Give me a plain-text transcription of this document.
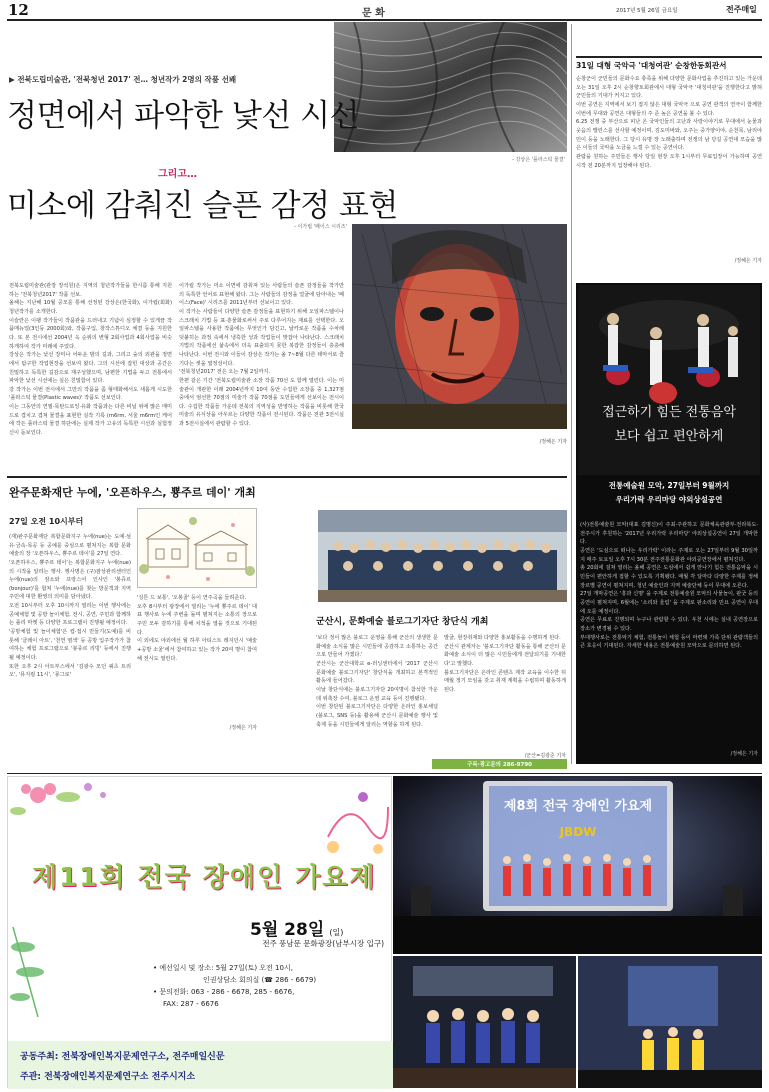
12	문 화	2017년 5월 26일 금요일	전주매일
▶ 전북도립미술관, '전북청년 2017' 전… 청년작가 2명의 작품 선봬
정면에서 파악한 낯선 시선
- 강상은 '플라스틱 물결'
그리고…
미소에 감춰진 슬픈 감정 표현
- 이가립 '페이스 시리즈'

전북도립미술관(관장 장석원)은 지역의 청년작가들을 한시름 통해 지원하는 '전북청년2017' 작품 선보.

올해는 지난해 10월 공모를 통해 선정된 강상은(한국화), 이가립(회화) 청년작가를 소개한다.

이슬란은 이팽 작가들이 작품관을 드러내고 기념이 심정할 수 있게끔 작품매뉴얼(3인등 2000회)와, 작품구입, 창작스튜디오 체결 등을 지원한다. 또 본 전시에선 2004년 옥 순위의 변형 2회사업과 4회사업을 비슷하게하여 작가 미래에 주었다.

강상은 작가는 낯선 장미나 어두운 밤의 길과, 그리고 숲의 외관을 정면에서 탐구한 작업현장을 선보여 왔다. 그의 시선에 잡힌 대상과 공간은 친밀하고 독특한 길감으로 재구성했으며, 남편한 기법을 두고 전통에서 파악한 낯선 시선에는 실은 친밀함이 있다.

강 작가는 이번 전시에서 그만의 작품을 좀 형태화해서도 새롭게 시도한 '플라스틱 물결(Plastic waves)' 작품도 선보인다.

이는 그동안의 연필·목탄드로잉·유화 작품과는 다른 비닐 위에 많은 매미드로 겹치고 겹쳐 물결을 표현한 실작 기록 (m6rm, 서울 m6rm인 케어에 작든 플라스틱 물결 하단에는 실제 작가 고유의 독특한 시선과 실험정신이 돋보인다.

이가립 작가는 미소 이면에 감춰져 있는 사람들의 슬픈 감정들을 작가만의 독특한 언어로 표현해 왔다. 그는 사람들의 감정을 얼굴에 담아내는 '페이스(Face)' 시리즈를 2011년부터 선보이고 있다.

이 작가는 사람들이 다양한 슬픈 감정들을 표현하기 위해 오일파스텔이나 스크래치 기법 등 표·흥물화로써서 주로 다루어지는 재료를 선택한다. 오일파스텔을 사용한 작품에는 무엇인가 담긴고, 날카로운 작품을 수차례 덧붙히는 과정 속에서 냉혹한 성과 작업들이 맞잡아 나타난다. 스크래치 기법의 작품에선 삶속에서 더욱 표출되지 못한 복잡한 감정들이 층층해 나타난다. 이번 전시와 이들이 감상은 작가는 올 7~8월 다른 테마서로 즐기다는 셋을 열정성이다.

'전북청년2017' 전은 오는 7월 2일까지.

한편 같은 기간 '전북도립미술관 소장 작품 70선 도 함께 열린다. 이는 미술관이 개관한 이래 2004년까지 10여 동안 수집한 소장품 중 1,327점 중에서 엄선한 70점의 미술가 작품 70점을 도민들에게 선보이는 전시이다. 수집한 작품들 가운데 전북의 지역성을 반영하는 작품을 비롯해 한국 미술의 유식상을 아우르는 다양한 작품이 전시된다. 작품은 전관 3전시실과 5전시실에서 관람할 수 있다.

/정혜은 기자
31일 대형 국악극 '대청여관' 순창한동회관서

순창군이 군민들의 문화수요 충족을 위해 다양한 문화사업을 추진하고 있는 가운데 오는 31일 오후 2시 순창향토회관에서 대형 국악극 '대청여관'을 진행한다고 밝혀 군민들의 기대가 커지고 있다.

이번 공연은 지역에서 보기 접지 않은 대형 국악극 으로 공연 관객의 연극이 함께한 이번에 무대와 공연은 대형들의 주 준 높은 공연을 볼 수 있다.

6.25 전쟁 중 부산으로 피난 온 국악인들의 고난과 사랑이야기로 무대에서 눈물과 웃음의 밸런스를 선사할 예정이며, 김도미바와, 오주는 중가양이야, 순천목, 남리야민이 등을 노래한다. 그 당시 유명 장 노래출하며 전쟁의 남 당길 공연대 모습을 많은 이들의 국악을 노금을 느낄 수 있는 공연이다.

관람을 원하는 주민들은 행사 당일 현장 오후 1시부터 무료입장이 가능하며 공연 시작 전 20분까지 입장해야 된다.

/정혜은 기자
접근하기 힘든 전통음악
보다 쉽고 편안하게
전통예술원 모악, 27일부터 9월까지
우리가락 우리마당 야외상설공연

(사)전통예술원 모악(대표 김명신)이 주최·주관하고 문화체육관광부·전라북도·전주시가 후원하는 '2017년 우리가락 우리마당' 야외상설공연이 27일 개막한다.

공연은 '도심으로 떠나는 우리가락' 이라는 주제로 오는 27일부터 9월 30일까지 매주 토요일 오후 7시 30분 전주전통문화관 야외공연장에서 펼쳐진다.

총 20회에 걸쳐 열리는 올해 공연은 도심에서 쉽게 만나기 힘든 전통음악을 시민들이 편안하게 접할 수 있도록 기획됐다. 매월 각 달마다 다양한 주제를 정해 장르별 공연이 펼쳐지며, 청년 예술인과 지역 예술단체 등이 무대에 오른다.

27일 개막공연은 '흥과 신명' 을 주제로 전통예술원 모악의 사물놀이, 판굿 등의 공연이 펼쳐지며, 6월에는 '소리와 울림' 을 주제로 판소리와 민요 공연이 무대에 오를 예정이다.

공연은 무료로 진행되며 누구나 관람할 수 있다. 우천 시에는 실내 공연장으로 장소가 변경될 수 있다.

부대행사로는 전통악기 체험, 전통놀이 체험 등이 마련돼 가족 단위 관람객들의 큰 호응이 기대된다. 자세한 내용은 전통예술원 모악으로 문의하면 된다.

/정혜은 기자
완주문화재단 누에, '오픈하우스, 뿅주르 데이' 개최
27일 오전 10시부터

(재)완주문화재단 복합문화지구 누에(nue)는 도예·섬유·금속·목공 등 공예를 중심으로 펼쳐지는 복합 문화예술의 장 '오픈하우스, 뿅주르 데이'를 27일 연다.

'오픈하우스, 뿅주르 데이'는 복합문화지구 누에(nue)의 시작을 알리는 행사. 행사명은 (구)잠상관리센터인 누에(nue)의 잠소와 프랑스어 인사인 '봉쥬르(bonjour)'를 합쳐 '누에(nue)를 찾는 방문객과 지역주민에 대한 환영의 의미를 담아냈다.

오전 10시부터 오후 10시까지 열리는 이번 행사에는 공예체험 및 공방 놀이체험, 전시, 공연, 주민과 함께하는 플리 마켓 등 다양한 프로그램이 진행될 예정이다.

'공방체험 및 놀이체험'은 컵·접시 만들기(도예)를 비롯해 '클레이 아트', '천연 염색' 등 공방 입주작가가 참여하는 체험 프로그램으로 '봉쥬르 리빙' 등에서 진행될 예정이다.

또한 오후 2시 아트부스에서 '김광수 모던 쿼츠 트리오', '뮤지컬 11시', '몽그로'

'싱튼 드 보통', '오봉골' 등이 연주곡을 들려준다.

오후 8시부터 광장에서 열리는 '누에 뿅주르 데이' 대표 행사로 누에 주변을 돌며 펼쳐지는 소통의 장으로 주민 모두 감하기를 통해 치적을 열을 것으로 기대된다.

이 외에도 야외에선 월 하루 아티스트 레지던시 '예술+공방 소울'에서 참여하고 있는 작가 20여 명이 참여해 전시도 열린다.

/정혜은 기자
군산시, 문화예술 블로그기자단 창단식 개최

'보다 정이 많은 블로그 운영을 통해 군산의 생생한 문화예술 소식을 많은 시민들에 공감하고 소통하는 공간으로 만들어 가겠다.'

군산시는 군산대학교 e-러닝센터에서 '2017 군산시 문화예술 블로그기자단' 창단식을 개최하고 본격적인 활동에 들어갔다.

이날 창단식에는 블로그기자단 20여명이 참석한 가운데 위촉장 수여, 블로그 운영 교육 등이 진행됐다.

이번 창단된 블로그기자단은 다양한 온라인 홍보채널(블로그, SNS 등)을 활용해 군산시 문화예술 행사 및 축제 등을 시민들에게 알리는 역할을 하게 된다.

발굴, 현장취재와 다양한 홍보활동을 수행하게 된다.

군산시 관계자는 '블로그기자단 활동을 통해 군산의 문화예술 소식이 더 많은 시민들에게 전달되기를 기대한다'고 말했다.

블로그기자단은 온라인 콘텐츠 제작 교육을 이수한 뒤 매월 정기 모임을 갖고 취재 계획을 수립하며 활동하게 된다.

/군산=김광준 기자
구독·광고문의 286-9790
제11회 전국 장애인 가요제
5월 28일 (일)
전주 풍남문 문화광장(남부시장 입구)
• 예선일시 및 장소: 5월 27일(토) 오전 10시,
인권상담소 회의실 (☎ 286 - 6679)
• 문의전화: 063 - 286 - 6678, 285 - 6676,
FAX: 287 - 6676
공동주최: 전북장애인복지문제연구소, 전주매일신문
주관: 전북장애인복지문제연구소 전주시지소
제8회 전국 장애인 가요제
JBDW
